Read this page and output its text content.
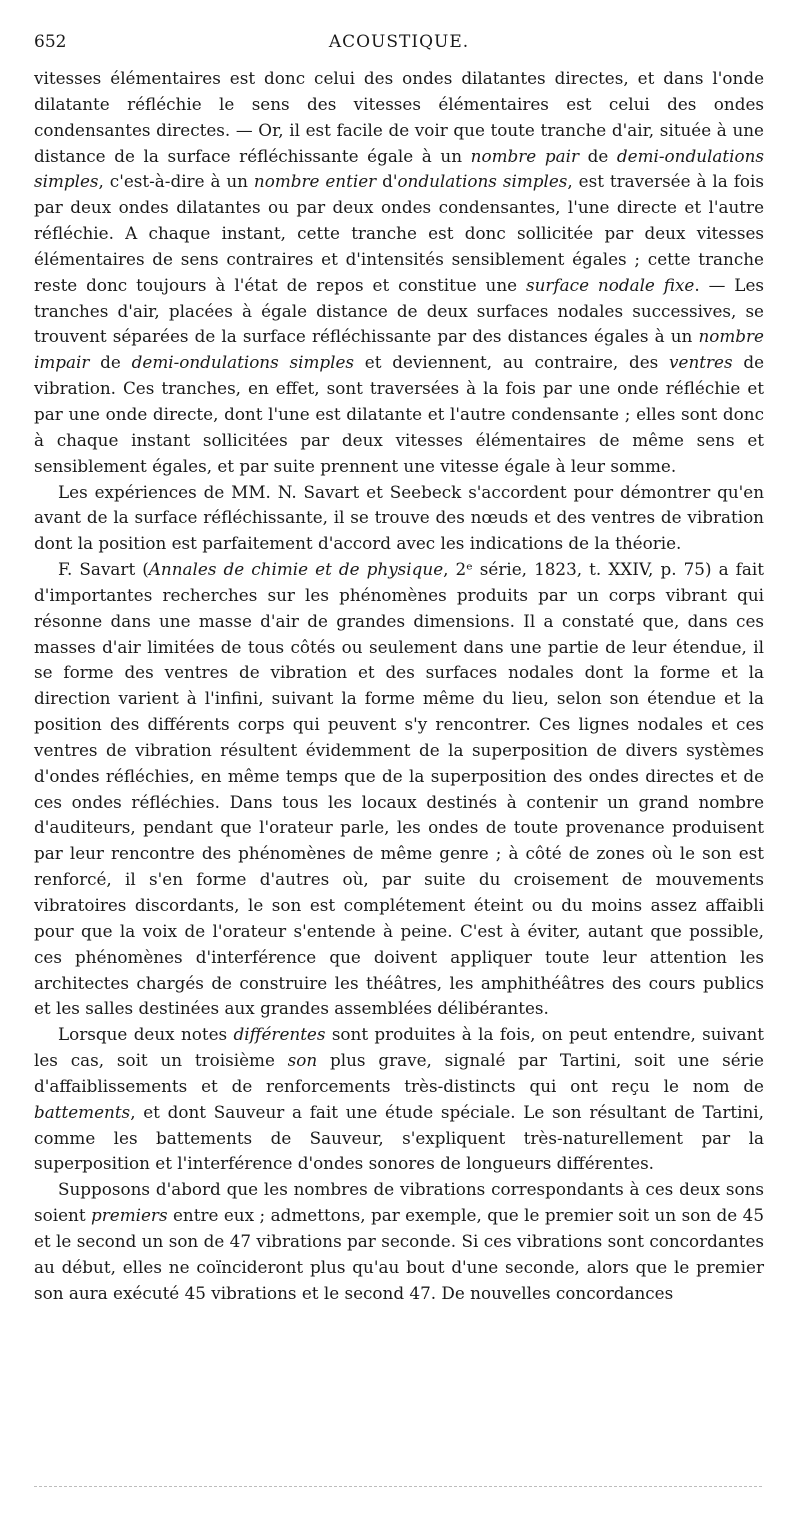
652	ACOUSTIQUE.

vitesses élémentaires est donc celui des ondes dilatantes directes, et dans l'onde dilatante réfléchie le sens des vitesses élémentaires est celui des ondes condensantes directes. — Or, il est facile de voir que toute tranche d'air, située à une distance de la surface réfléchissante égale à un nombre pair de demi-ondulations simples, c'est-à-dire à un nombre entier d'ondulations simples, est traversée à la fois par deux ondes dilatantes ou par deux ondes condensantes, l'une directe et l'autre réfléchie. A chaque instant, cette tranche est donc sollicitée par deux vitesses élémentaires de sens contraires et d'intensités sensiblement égales ; cette tranche reste donc toujours à l'état de repos et constitue une surface nodale fixe. — Les tranches d'air, placées à égale distance de deux surfaces nodales successives, se trouvent séparées de la surface réfléchissante par des distances égales à un nombre impair de demi-ondulations simples et deviennent, au contraire, des ventres de vibration. Ces tranches, en effet, sont traversées à la fois par une onde réfléchie et par une onde directe, dont l'une est dilatante et l'autre condensante ; elles sont donc à chaque instant sollicitées par deux vitesses élémentaires de même sens et sensiblement égales, et par suite prennent une vitesse égale à leur somme.

Les expériences de MM. N. Savart et Seebeck s'accordent pour démontrer qu'en avant de la surface réfléchissante, il se trouve des nœuds et des ventres de vibration dont la position est parfaitement d'accord avec les indications de la théorie.

F. Savart (Annales de chimie et de physique, 2ᵉ série, 1823, t. XXIV, p. 75) a fait d'importantes recherches sur les phénomènes produits par un corps vibrant qui résonne dans une masse d'air de grandes dimensions. Il a constaté que, dans ces masses d'air limitées de tous côtés ou seulement dans une partie de leur étendue, il se forme des ventres de vibration et des surfaces nodales dont la forme et la direction varient à l'infini, suivant la forme même du lieu, selon son étendue et la position des différents corps qui peuvent s'y rencontrer. Ces lignes nodales et ces ventres de vibration résultent évidemment de la superposition de divers systèmes d'ondes réfléchies, en même temps que de la superposition des ondes directes et de ces ondes réfléchies. Dans tous les locaux destinés à contenir un grand nombre d'auditeurs, pendant que l'orateur parle, les ondes de toute provenance produisent par leur rencontre des phénomènes de même genre ; à côté de zones où le son est renforcé, il s'en forme d'autres où, par suite du croisement de mouvements vibratoires discordants, le son est complétement éteint ou du moins assez affaibli pour que la voix de l'orateur s'entende à peine. C'est à éviter, autant que possible, ces phénomènes d'interférence que doivent appliquer toute leur attention les architectes chargés de construire les théâtres, les amphithéâtres des cours publics et les salles destinées aux grandes assemblées délibérantes.

Lorsque deux notes différentes sont produites à la fois, on peut entendre, suivant les cas, soit un troisième son plus grave, signalé par Tartini, soit une série d'affaiblissements et de renforcements très-distincts qui ont reçu le nom de battements, et dont Sauveur a fait une étude spéciale. Le son résultant de Tartini, comme les battements de Sauveur, s'expliquent très-naturellement par la superposition et l'interférence d'ondes sonores de longueurs différentes.

Supposons d'abord que les nombres de vibrations correspondants à ces deux sons soient premiers entre eux ; admettons, par exemple, que le premier soit un son de 45 et le second un son de 47 vibrations par seconde. Si ces vibrations sont concordantes au début, elles ne coïncideront plus qu'au bout d'une seconde, alors que le premier son aura exécuté 45 vibrations et le second 47. De nouvelles concordances
